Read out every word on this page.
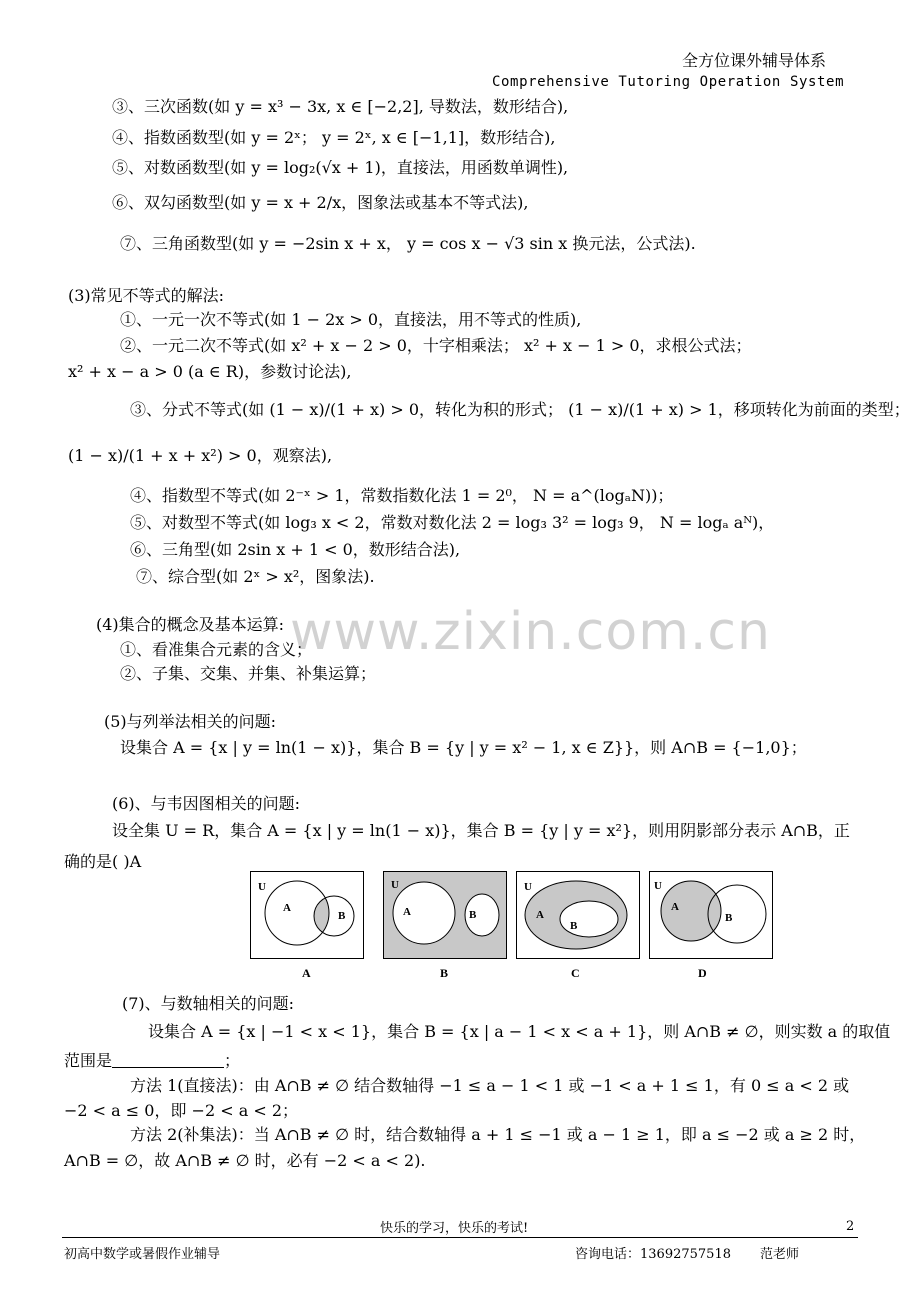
全方位课外辅导体系
Comprehensive Tutoring Operation System
www.zixin.com.cn
③、三次函数(如 y = x³ − 3x, x ∈ [−2,2], 导数法，数形结合),
④、指数函数型(如 y = 2ˣ； y = 2ˣ, x ∈ [−1,1]，数形结合),
⑤、对数函数型(如 y = log₂(√x + 1)，直接法，用函数单调性),
⑥、双勾函数型(如 y = x + 2/x，图象法或基本不等式法),
⑦、三角函数型(如 y = −2sin x + x， y = cos x − √3 sin x 换元法，公式法).
(3)常见不等式的解法:
①、一元一次不等式(如 1 − 2x > 0，直接法，用不等式的性质),
②、一元二次不等式(如 x² + x − 2 > 0，十字相乘法； x² + x − 1 > 0，求根公式法；
x² + x − a > 0 (a ∈ R)，参数讨论法),
③、分式不等式(如 (1 − x)/(1 + x) > 0，转化为积的形式； (1 − x)/(1 + x) > 1，移项转化为前面的类型；
(1 − x)/(1 + x + x²) > 0，观察法),
④、指数型不等式(如 2⁻ˣ > 1，常数指数化法 1 = 2⁰， N = a^(logₐN))；
⑤、对数型不等式(如 log₃ x < 2，常数对数化法 2 = log₃ 3² = log₃ 9， N = logₐ aᴺ)，
⑥、三角型(如 2sin x + 1 < 0，数形结合法),
⑦、综合型(如 2ˣ > x²，图象法).
(4)集合的概念及基本运算:
①、看准集合元素的含义；
②、子集、交集、并集、补集运算；
(5)与列举法相关的问题:
设集合 A = {x | y = ln(1 − x)}，集合 B = {y | y = x² − 1, x ∈ Z}}，则 A∩B = {−1,0}；
(6)、与韦因图相关的问题:
设全集 U = R，集合 A = {x | y = ln(1 − x)}，集合 B = {y | y = x²}，则用阴影部分表示 A∩B，正
确的是( )A
U
A
B
A
U
A	B
B
U
A
B
C
U
A
B
D
(7)、与数轴相关的问题:
设集合 A = {x | −1 < x < 1}，集合 B = {x | a − 1 < x < a + 1}，则 A∩B ≠ ∅，则实数 a 的取值
范围是	；
方法 1(直接法)：由 A∩B ≠ ∅ 结合数轴得 −1 ≤ a − 1 < 1 或 −1 < a + 1 ≤ 1，有 0 ≤ a < 2 或
−2 < a ≤ 0，即 −2 < a < 2；
方法 2(补集法)：当 A∩B ≠ ∅ 时，结合数轴得 a + 1 ≤ −1 或 a − 1 ≥ 1，即 a ≤ −2 或 a ≥ 2 时，
A∩B = ∅，故 A∩B ≠ ∅ 时，必有 −2 < a < 2).
快乐的学习，快乐的考试!	2
初高中数学或暑假作业辅导	咨询电话：13692757518 范老师
